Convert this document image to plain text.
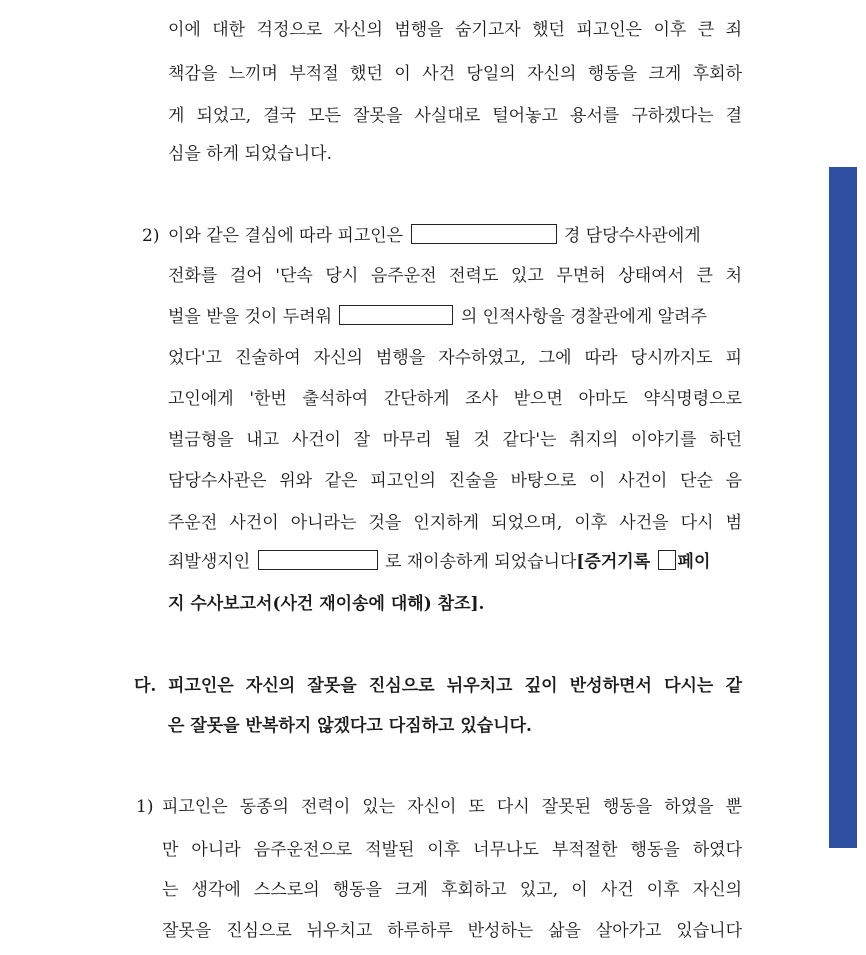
이에 대한 걱정으로 자신의 범행을 숨기고자 했던 피고인은 이후 큰 죄
책감을 느끼며 부적절 했던 이 사건 당일의 자신의 행동을 크게 후회하
게 되었고, 결국 모든 잘못을 사실대로 털어놓고 용서를 구하겠다는 결
심을 하게 되었습니다.
2) 이와 같은 결심에 따라 피고인은	경 담당수사관에게
전화를 걸어 '단속 당시 음주운전 전력도 있고 무면허 상태여서 큰 처
벌을 받을 것이 두려워	의 인적사항을 경찰관에게 알려주
었다'고 진술하여 자신의 범행을 자수하였고, 그에 따라 당시까지도 피
고인에게 '한번 출석하여 간단하게 조사 받으면 아마도 약식명령으로
벌금형을 내고 사건이 잘 마무리 될 것 같다'는 취지의 이야기를 하던
담당수사관은 위와 같은 피고인의 진술을 바탕으로 이 사건이 단순 음
주운전 사건이 아니라는 것을 인지하게 되었으며, 이후 사건을 다시 범
죄발생지인	로 재이송하게 되었습니다[증거기록 페이
지 수사보고서(사건 재이송에 대해) 참조].
다. 피고인은 자신의 잘못을 진심으로 뉘우치고 깊이 반성하면서 다시는 같
은 잘못을 반복하지 않겠다고 다짐하고 있습니다.
1) 피고인은 동종의 전력이 있는 자신이 또 다시 잘못된 행동을 하였을 뿐
만 아니라 음주운전으로 적발된 이후 너무나도 부적절한 행동을 하였다
는 생각에 스스로의 행동을 크게 후회하고 있고, 이 사건 이후 자신의
잘못을 진심으로 뉘우치고 하루하루 반성하는 삶을 살아가고 있습니다
